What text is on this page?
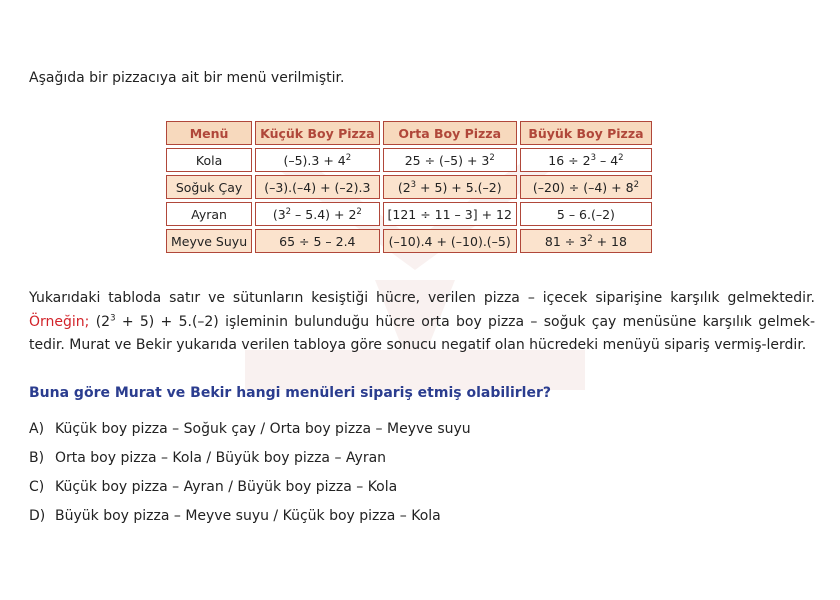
Aşağıda bir pizzacıya ait bir menü verilmiştir.

Menü	Küçük Boy Pizza	Orta Boy Pizza	Büyük Boy Pizza
Kola	$(-5).3 + 4^2$	$25 \div (-5) + 3^2$	$16 \div 2^3 - 4^2$
Soğuk Çay	(–3).(–4) + (–2).3	$(2^3 + 5) + 5.(-2)$	$(-20) \div (-4) + 8^2$
Ayran	$(3^2 - 5.4) + 2^2$	[121 ÷ 11 – 3] + 12	5 – 6.(–2)
Meyve Suyu	65 ÷ 5 – 2.4	(–10).4 + (–10).(–5)	$81 \div 3^2 + 18$

Yukarıdaki tabloda satır ve sütunların kesiştiği hücre, verilen pizza – içecek siparişine karşılık gelmektedir. Örneğin; $(2^3 + 5) + 5.(-2)$ işleminin bulunduğu hücre orta boy pizza – soğuk çay menüsüne karşılık gelmek-tedir. Murat ve Bekir yukarıda verilen tabloya göre sonucu negatif olan hücredeki menüyü sipariş vermiş-lerdir.

Buna göre Murat ve Bekir hangi menüleri sipariş etmiş olabilirler?

A) Küçük boy pizza – Soğuk çay / Orta boy pizza – Meyve suyu
B) Orta boy pizza – Kola / Büyük boy pizza – Ayran
C) Küçük boy pizza – Ayran / Büyük boy pizza – Kola
D) Büyük boy pizza – Meyve suyu / Küçük boy pizza – Kola
